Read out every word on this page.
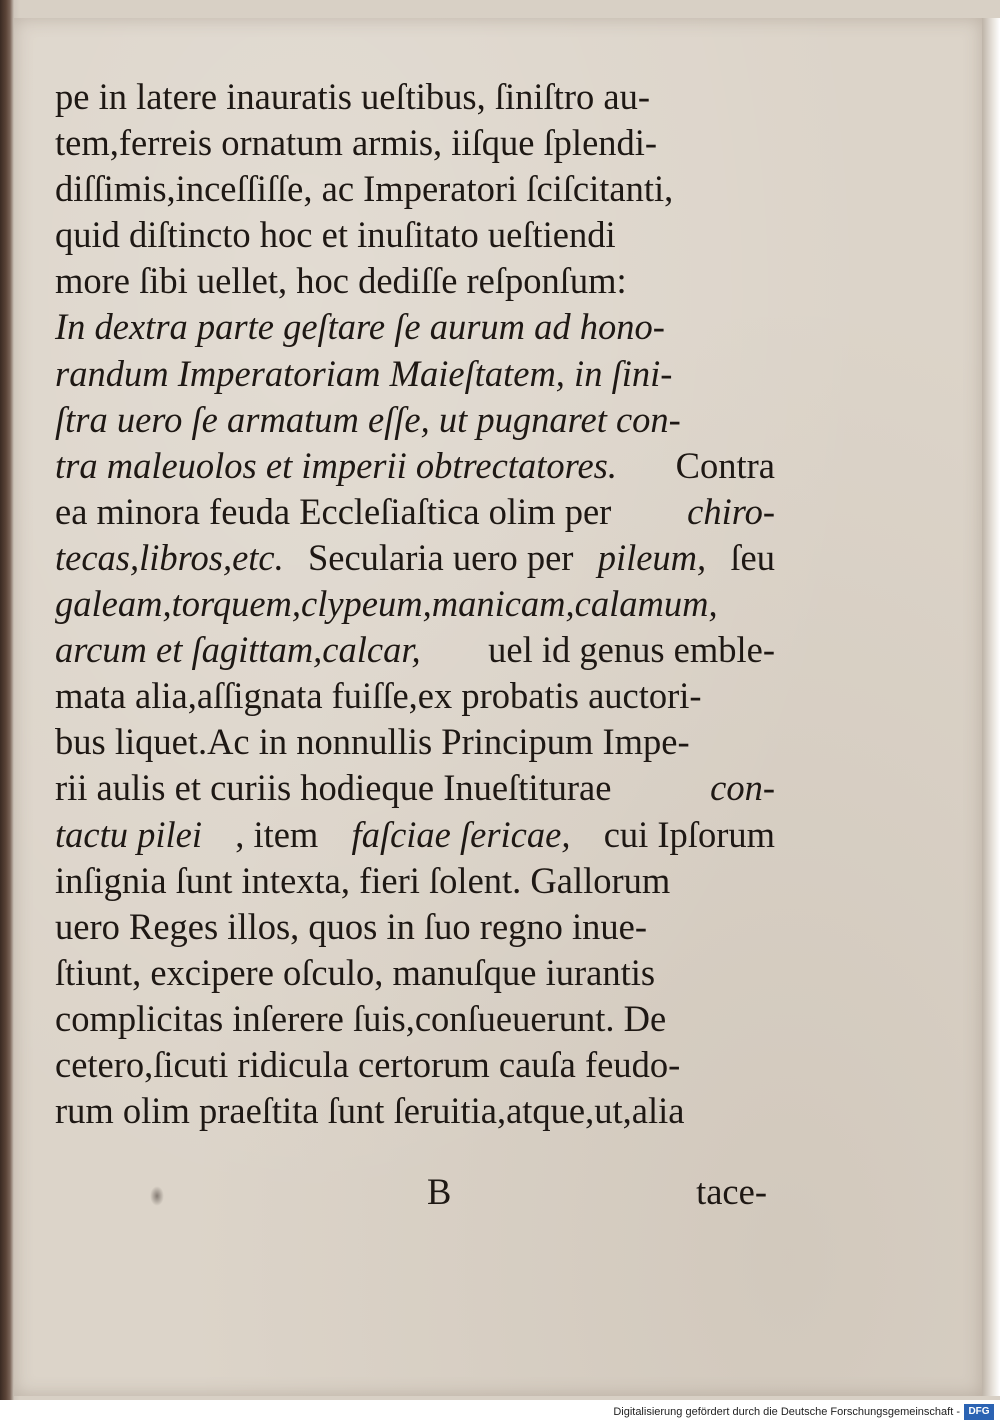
pe in latere inauratis ueſtibus, ſiniſtro au-
tem,ferreis ornatum armis, iiſque ſplendi-
diſſimis,inceſſiſſe, ac Imperatori ſciſcitanti,
quid diſtincto hoc et inuſitato ueſtiendi
more ſibi uellet, hoc dediſſe reſponſum:
In dextra parte geſtare ſe aurum ad hono-
randum Imperatoriam Maieſtatem, in ſini-
ſtra uero ſe armatum eſſe, ut pugnaret con-
tra maleuolos et imperii obtrectatores. Contra
ea minora feuda Eccleſiaſtica olim per chiro-
tecas,libros,etc. Secularia uero per pileum, ſeu
galeam,torquem,clypeum,manicam,calamum,
arcum et ſagittam,calcar, uel id genus emble-
mata alia,aſſignata fuiſſe,ex probatis auctori-
bus liquet.Ac in nonnullis Principum Impe-
rii aulis et curiis hodieque Inueſtiturae	con-
tactu pilei , item faſciae ſericae, cui Ipſorum
inſignia ſunt intexta, fieri ſolent. Gallorum
uero Reges illos, quos in ſuo regno inue-
ſtiunt, excipere oſculo, manuſque iurantis
complicitas inſerere ſuis,conſueuerunt. De
cetero,ſicuti ridicula certorum cauſa feudo-
rum olim praeſtita ſunt ſeruitia,atque,ut,alia
B	tace-
Digitalisierung gefördert durch die Deutsche Forschungsgemeinschaft - DFG
